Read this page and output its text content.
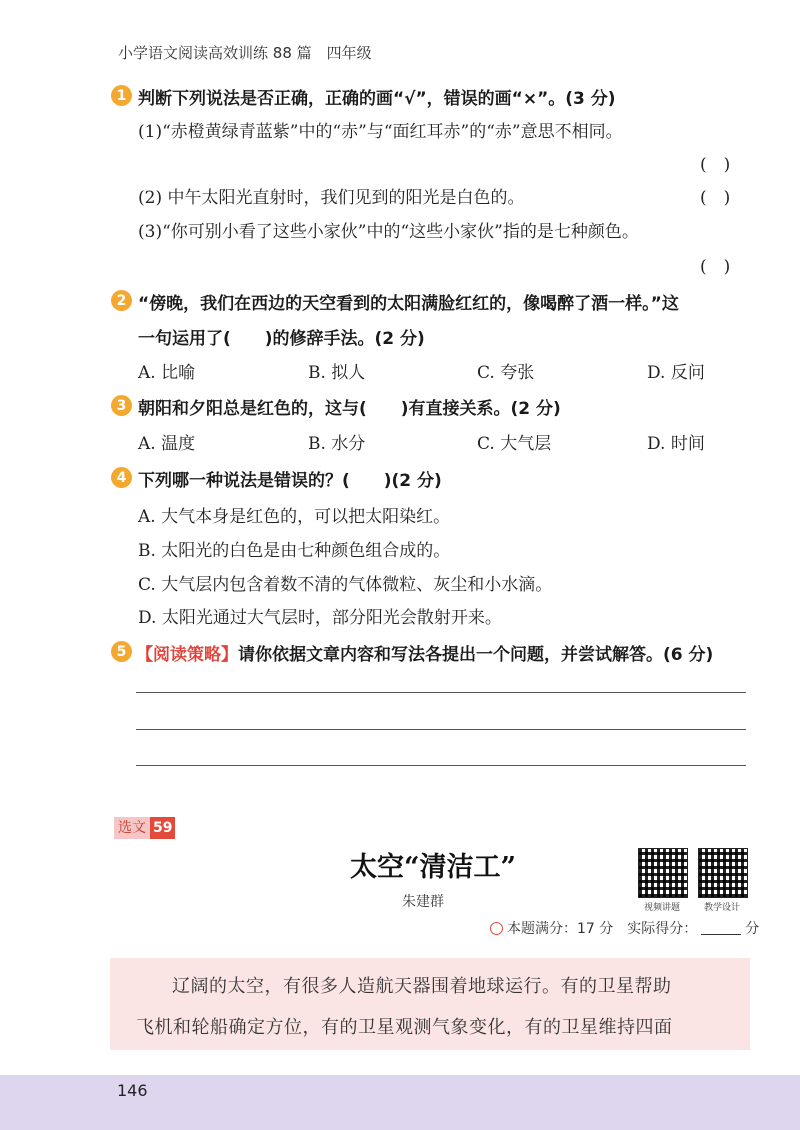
小学语文阅读高效训练 88 篇　四年级
1 判断下列说法是否正确，正确的画“√”，错误的画“×”。(3 分)
(1)“赤橙黄绿青蓝紫”中的“赤”与“面红耳赤”的“赤”意思不相同。
(　)
(2) 中午太阳光直射时，我们见到的阳光是白色的。	(　)
(3)“你可别小看了这些小家伙”中的“这些小家伙”指的是七种颜色。
(　)
2 “傍晚，我们在西边的天空看到的太阳满脸红红的，像喝醉了酒一样。”这
一句运用了(　　)的修辞手法。(2 分)
A. 比喻	B. 拟人	C. 夸张	D. 反问
3 朝阳和夕阳总是红色的，这与(　　)有直接关系。(2 分)
A. 温度	B. 水分	C. 大气层	D. 时间
4 下列哪一种说法是错误的？(　　)(2 分)
A. 大气本身是红色的，可以把太阳染红。
B. 太阳光的白色是由七种颜色组合成的。
C. 大气层内包含着数不清的气体微粒、灰尘和小水滴。
D. 太阳光通过大气层时，部分阳光会散射开来。
5 【阅读策略】请你依据文章内容和写法各提出一个问题，并尝试解答。(6 分)
选文 59
太空“清洁工”
朱建群	视频讲题	教学设计
本题满分：17 分　实际得分：	分
辽阔的太空，有很多人造航天器围着地球运行。有的卫星帮助
飞机和轮船确定方位，有的卫星观测气象变化，有的卫星维持四面
146
